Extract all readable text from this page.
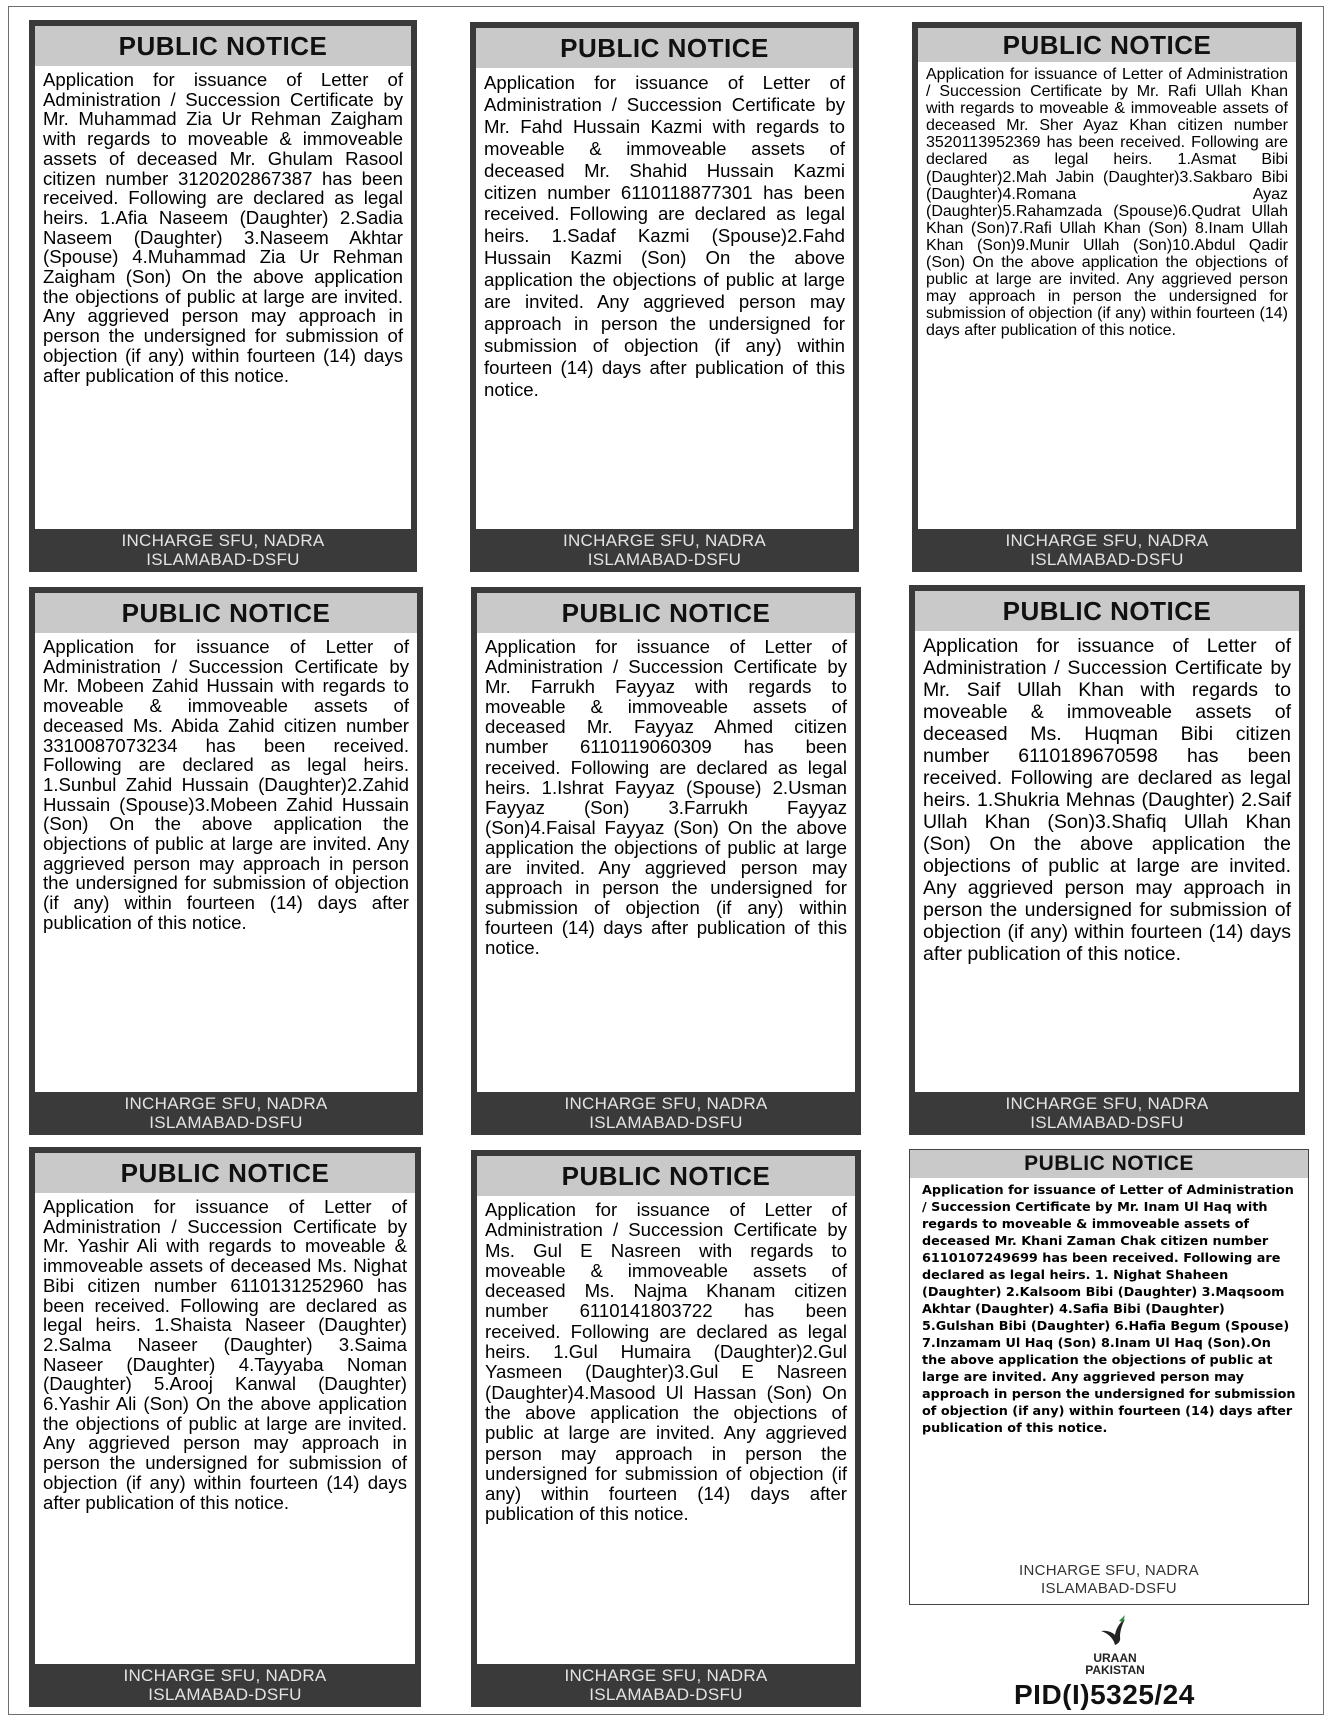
PUBLIC NOTICE

Application for issuance of Letter of Administration / Succession Certificate by Mr. Muhammad Zia Ur Rehman Zaigham with regards to moveable & immoveable assets of deceased Mr. Ghulam Rasool citizen number 3120202867387 has been received. Following are declared as legal heirs. 1.Afia Naseem (Daughter) 2.Sadia Naseem (Daughter) 3.Naseem Akhtar (Spouse) 4.Muhammad Zia Ur Rehman Zaigham (Son) On the above application the objections of public at large are invited. Any aggrieved person may approach in person the undersigned for submission of objection (if any) within fourteen (14) days after publication of this notice.

INCHARGE SFU, NADRA
ISLAMABAD-DSFU
PUBLIC NOTICE

Application for issuance of Letter of Administration / Succession Certificate by Mr. Fahd Hussain Kazmi with regards to moveable & immoveable assets of deceased Mr. Shahid Hussain Kazmi citizen number 6110118877301 has been received. Following are declared as legal heirs. 1.Sadaf Kazmi (Spouse)2.Fahd Hussain Kazmi (Son) On the above application the objections of public at large are invited. Any aggrieved person may approach in person the undersigned for submission of objection (if any) within fourteen (14) days after publication of this notice.

INCHARGE SFU, NADRA
ISLAMABAD-DSFU
PUBLIC NOTICE

Application for issuance of Letter of Administration / Succession Certificate by Mr. Rafi Ullah Khan with regards to moveable & immoveable assets of deceased Mr. Sher Ayaz Khan citizen number 3520113952369 has been received. Following are declared as legal heirs. 1.Asmat Bibi (Daughter)2.Mah Jabin (Daughter)3.Sakbaro Bibi (Daughter)4.Romana Ayaz (Daughter)5.Rahamzada (Spouse)6.Qudrat Ullah Khan (Son)7.Rafi Ullah Khan (Son) 8.Inam Ullah Khan (Son)9.Munir Ullah (Son)10.Abdul Qadir (Son) On the above application the objections of public at large are invited. Any aggrieved person may approach in person the undersigned for submission of objection (if any) within fourteen (14) days after publication of this notice.

INCHARGE SFU, NADRA
ISLAMABAD-DSFU
PUBLIC NOTICE

Application for issuance of Letter of Administration / Succession Certificate by Mr. Mobeen Zahid Hussain with regards to moveable & immoveable assets of deceased Ms. Abida Zahid citizen number 3310087073234 has been received. Following are declared as legal heirs. 1.Sunbul Zahid Hussain (Daughter)2.Zahid Hussain (Spouse)3.Mobeen Zahid Hussain (Son) On the above application the objections of public at large are invited. Any aggrieved person may approach in person the undersigned for submission of objection (if any) within fourteen (14) days after publication of this notice.

INCHARGE SFU, NADRA
ISLAMABAD-DSFU
PUBLIC NOTICE

Application for issuance of Letter of Administration / Succession Certificate by Mr. Farrukh Fayyaz with regards to moveable & immoveable assets of deceased Mr. Fayyaz Ahmed citizen number 6110119060309 has been received. Following are declared as legal heirs. 1.Ishrat Fayyaz (Spouse) 2.Usman Fayyaz (Son) 3.Farrukh Fayyaz (Son)4.Faisal Fayyaz (Son) On the above application the objections of public at large are invited. Any aggrieved person may approach in person the undersigned for submission of objection (if any) within fourteen (14) days after publication of this notice.

INCHARGE SFU, NADRA
ISLAMABAD-DSFU
PUBLIC NOTICE

Application for issuance of Letter of Administration / Succession Certificate by Mr. Saif Ullah Khan with regards to moveable & immoveable assets of deceased Ms. Huqman Bibi citizen number 6110189670598 has been received. Following are declared as legal heirs. 1.Shukria Mehnas (Daughter) 2.Saif Ullah Khan (Son)3.Shafiq Ullah Khan (Son) On the above application the objections of public at large are invited. Any aggrieved person may approach in person the undersigned for submission of objection (if any) within fourteen (14) days after publication of this notice.

INCHARGE SFU, NADRA
ISLAMABAD-DSFU
PUBLIC NOTICE

Application for issuance of Letter of Administration / Succession Certificate by Mr. Yashir Ali with regards to moveable & immoveable assets of deceased Ms. Nighat Bibi citizen number 6110131252960 has been received. Following are declared as legal heirs. 1.Shaista Naseer (Daughter) 2.Salma Naseer (Daughter) 3.Saima Naseer (Daughter) 4.Tayyaba Noman (Daughter) 5.Arooj Kanwal (Daughter) 6.Yashir Ali (Son) On the above application the objections of public at large are invited. Any aggrieved person may approach in person the undersigned for submission of objection (if any) within fourteen (14) days after publication of this notice.

INCHARGE SFU, NADRA
ISLAMABAD-DSFU
PUBLIC NOTICE

Application for issuance of Letter of Administration / Succession Certificate by Ms. Gul E Nasreen with regards to moveable & immoveable assets of deceased Ms. Najma Khanam citizen number 6110141803722 has been received. Following are declared as legal heirs. 1.Gul Humaira (Daughter)2.Gul Yasmeen (Daughter)3.Gul E Nasreen (Daughter)4.Masood Ul Hassan (Son) On the above application the objections of public at large are invited. Any aggrieved person may approach in person the undersigned for submission of objection (if any) within fourteen (14) days after publication of this notice.

INCHARGE SFU, NADRA
ISLAMABAD-DSFU
PUBLIC NOTICE

Application for issuance of Letter of Administration / Succession Certificate by Mr. Inam Ul Haq with regards to moveable & immoveable assets of deceased Mr. Khani Zaman Chak citizen number 6110107249699 has been received. Following are declared as legal heirs. 1. Nighat Shaheen (Daughter) 2.Kalsoom Bibi (Daughter) 3.Maqsoom Akhtar (Daughter) 4.Safia Bibi (Daughter) 5.Gulshan Bibi (Daughter) 6.Hafia Begum (Spouse) 7.Inzamam Ul Haq (Son) 8.Inam Ul Haq (Son).On the above application the objections of public at large are invited. Any aggrieved person may approach in person the undersigned for submission of objection (if any) within fourteen (14) days after publication of this notice.

INCHARGE SFU, NADRA
ISLAMABAD-DSFU
URAAN
PAKISTAN
PID(I)5325/24
